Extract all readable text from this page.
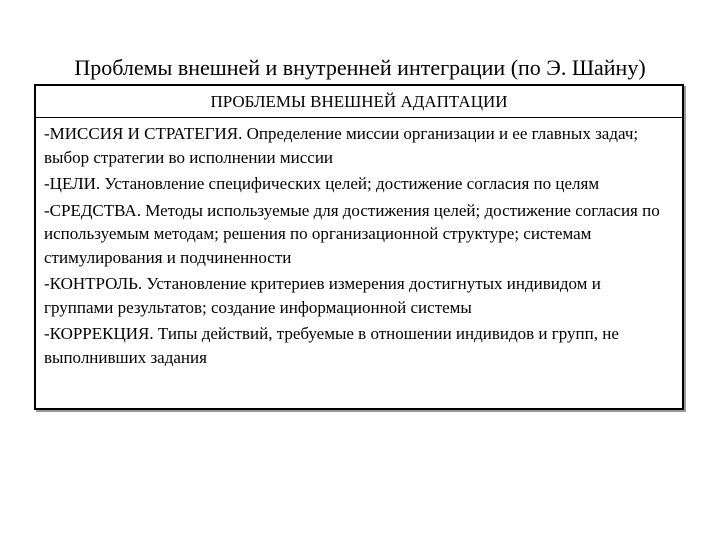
Проблемы внешней и внутренней интеграции (по Э. Шайну)
ПРОБЛЕМЫ ВНЕШНЕЙ АДАПТАЦИИ

-МИССИЯ И СТРАТЕГИЯ. Определение миссии организации и ее главных задач; выбор стратегии во исполнении миссии

-ЦЕЛИ. Установление специфических целей; достижение согласия по целям

-СРЕДСТВА. Методы используемые для достижения целей; достижение согласия по используемым методам; решения по организационной структуре; системам стимулирования и подчиненности

-КОНТРОЛЬ. Установление критериев измерения достигнутых индивидом и группами результатов; создание информационной системы

-КОРРЕКЦИЯ. Типы действий, требуемые в отношении индивидов и групп, не выполнивших задания
